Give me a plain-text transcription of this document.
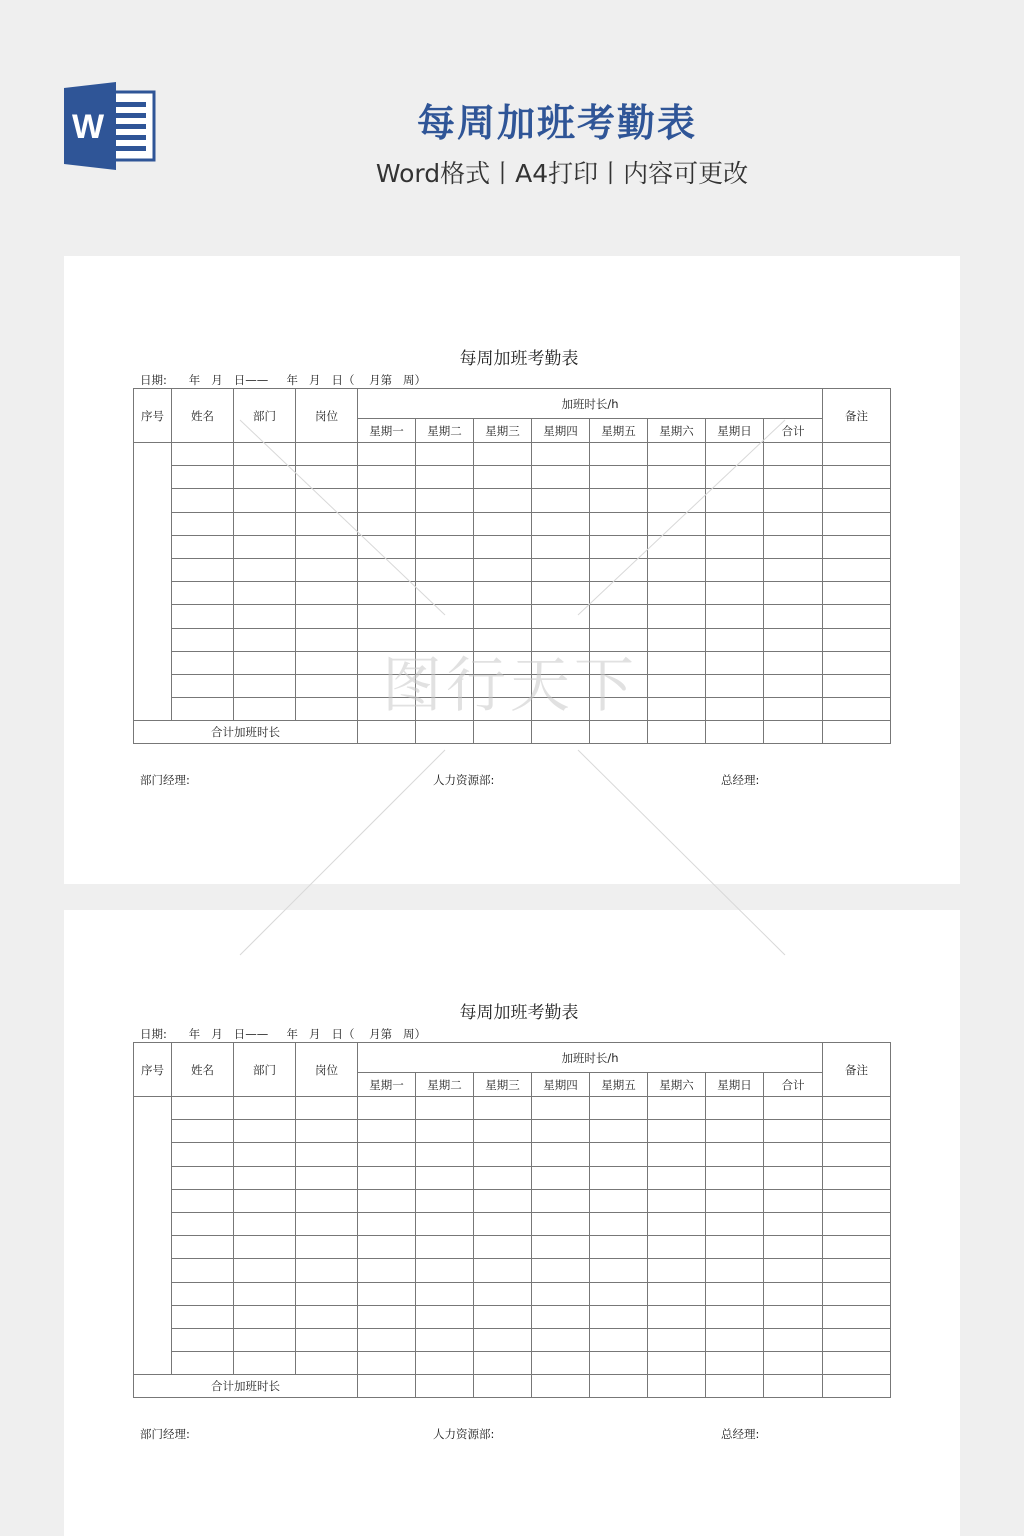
W	每周加班考勤表
Word格式丨A4打印丨内容可更改
每周加班考勤表
日期:      年   月   日——     年   月   日（    月第   周）
序号	姓名	部门	岗位	加班时长/h								备注
				星期一	星期二	星期三	星期四	星期五	星期六	星期日	合计	

合计加班时长												
部门经理:	人力资源部:	总经理:
每周加班考勤表
日期:      年   月   日——     年   月   日（    月第   周）
序号	姓名	部门	岗位	加班时长/h								备注
				星期一	星期二	星期三	星期四	星期五	星期六	星期日	合计	

合计加班时长												
部门经理:	人力资源部:	总经理:
图行天下
